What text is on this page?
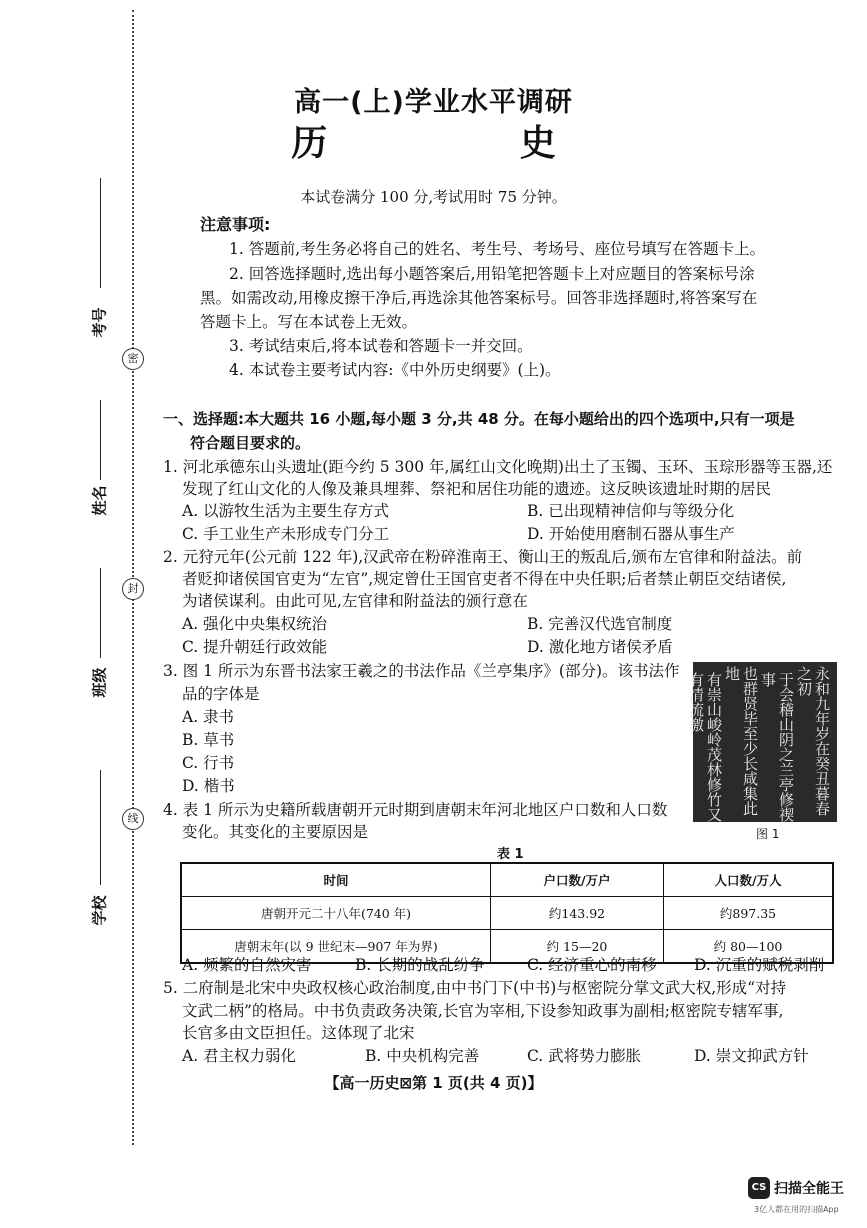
密
封
线
考号
姓名
班级
学校
高一(上)学业水平调研
历 史
本试卷满分 100 分,考试用时 75 分钟。
注意事项:
1. 答题前,考生务必将自己的姓名、考生号、考场号、座位号填写在答题卡上。
2. 回答选择题时,选出每小题答案后,用铅笔把答题卡上对应题目的答案标号涂
黑。如需改动,用橡皮擦干净后,再选涂其他答案标号。回答非选择题时,将答案写在
答题卡上。写在本试卷上无效。
3. 考试结束后,将本试卷和答题卡一并交回。
4. 本试卷主要考试内容:《中外历史纲要》(上)。
一、选择题:本大题共 16 小题,每小题 3 分,共 48 分。在每小题给出的四个选项中,只有一项是
符合题目要求的。
1. 河北承德东山头遗址(距今约 5 300 年,属红山文化晚期)出土了玉镯、玉环、玉琮形器等玉器,还
发现了红山文化的人像及兼具埋葬、祭祀和居住功能的遗迹。这反映该遗址时期的居民
A. 以游牧生活为主要生存方式	B. 已出现精神信仰与等级分化
C. 手工业生产未形成专门分工	D. 开始使用磨制石器从事生产
2. 元狩元年(公元前 122 年),汉武帝在粉碎淮南王、衡山王的叛乱后,颁布左官律和附益法。前
者贬抑诸侯国官吏为“左官”,规定曾仕王国官吏者不得在中央任职;后者禁止朝臣交结诸侯,
为诸侯谋利。由此可见,左官律和附益法的颁行意在
A. 强化中央集权统治	B. 完善汉代选官制度
C. 提升朝廷行政效能	D. 激化地方诸侯矛盾
3. 图 1 所示为东晋书法家王羲之的书法作品《兰亭集序》(部分)。该书法作
品的字体是
A. 隶书
B. 草书
C. 行书
D. 楷书	永和九年岁在癸丑暮春之初
于会稽山阴之兰亭修禊事
也群贤毕至少长咸集此地
有崇山峻岭茂林修竹又有清流激
图 1
4. 表 1 所示为史籍所载唐朝开元时期到唐朝末年河北地区户口数和人口数
变化。其变化的主要原因是
表 1
时间	户口数/万户	人口数/万人
唐朝开元二十八年(740 年)	约143.92	约897.35
唐朝末年(以 9 世纪末—907 年为界)	约 15—20	约 80—100
A. 频繁的自然灾害	B. 长期的战乱纷争	C. 经济重心的南移 D. 沉重的赋税剥削
5. 二府制是北宋中央政权核心政治制度,由中书门下(中书)与枢密院分掌文武大权,形成“对持
文武二柄”的格局。中书负责政务决策,长官为宰相,下设参知政事为副相;枢密院专辖军事,
长官多由文臣担任。这体现了北宋
A. 君主权力弱化	B. 中央机构完善	C. 武将势力膨胀	D. 崇文抑武方针
【高一历史⊠第 1 页(共 4 页)】
CS 扫描全能王
3亿人都在用的扫描App
